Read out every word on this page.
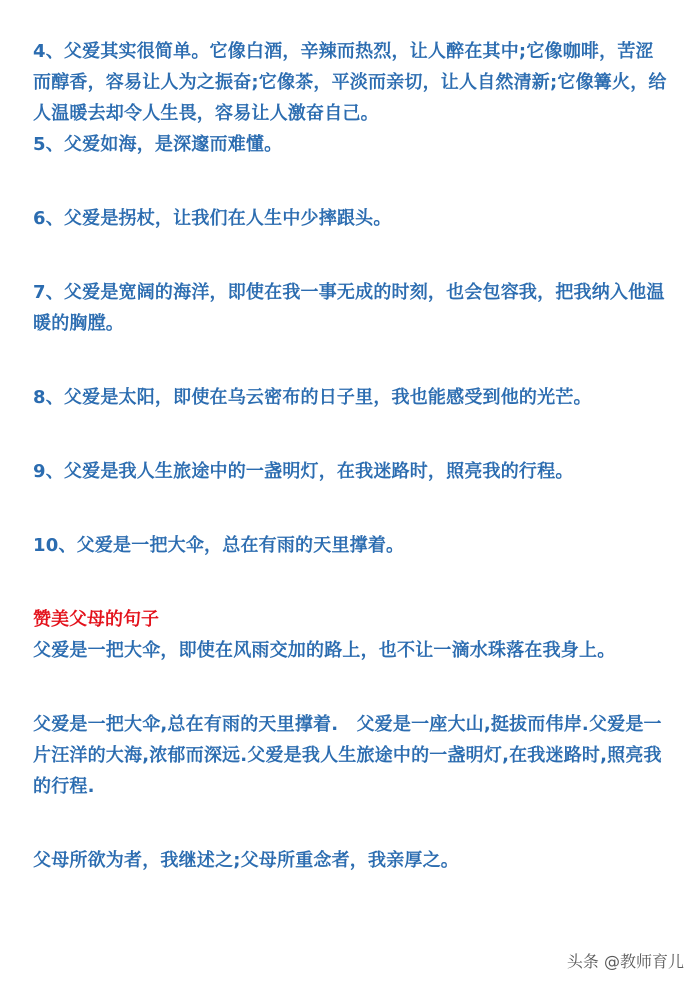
4、父爱其实很简单。它像白酒，辛辣而热烈，让人醉在其中;它像咖啡，苦涩而醇香，容易让人为之振奋;它像茶，平淡而亲切，让人自然清新;它像篝火，给人温暖去却令人生畏，容易让人激奋自己。

5、父爱如海，是深邃而难懂。

6、父爱是拐杖，让我们在人生中少摔跟头。

7、父爱是宽阔的海洋，即使在我一事无成的时刻，也会包容我，把我纳入他温暖的胸膛。

8、父爱是太阳，即使在乌云密布的日子里，我也能感受到他的光芒。

9、父爱是我人生旅途中的一盏明灯，在我迷路时，照亮我的行程。

10、父爱是一把大伞，总在有雨的天里撑着。

赞美父母的句子

父爱是一把大伞，即使在风雨交加的路上，也不让一滴水珠落在我身上。

父爱是一把大伞,总在有雨的天里撑着.　父爱是一座大山,挺拔而伟岸.父爱是一片汪洋的大海,浓郁而深远.父爱是我人生旅途中的一盏明灯,在我迷路时,照亮我的行程.

父母所欲为者，我继述之;父母所重念者，我亲厚之。

头条 @教师育儿
